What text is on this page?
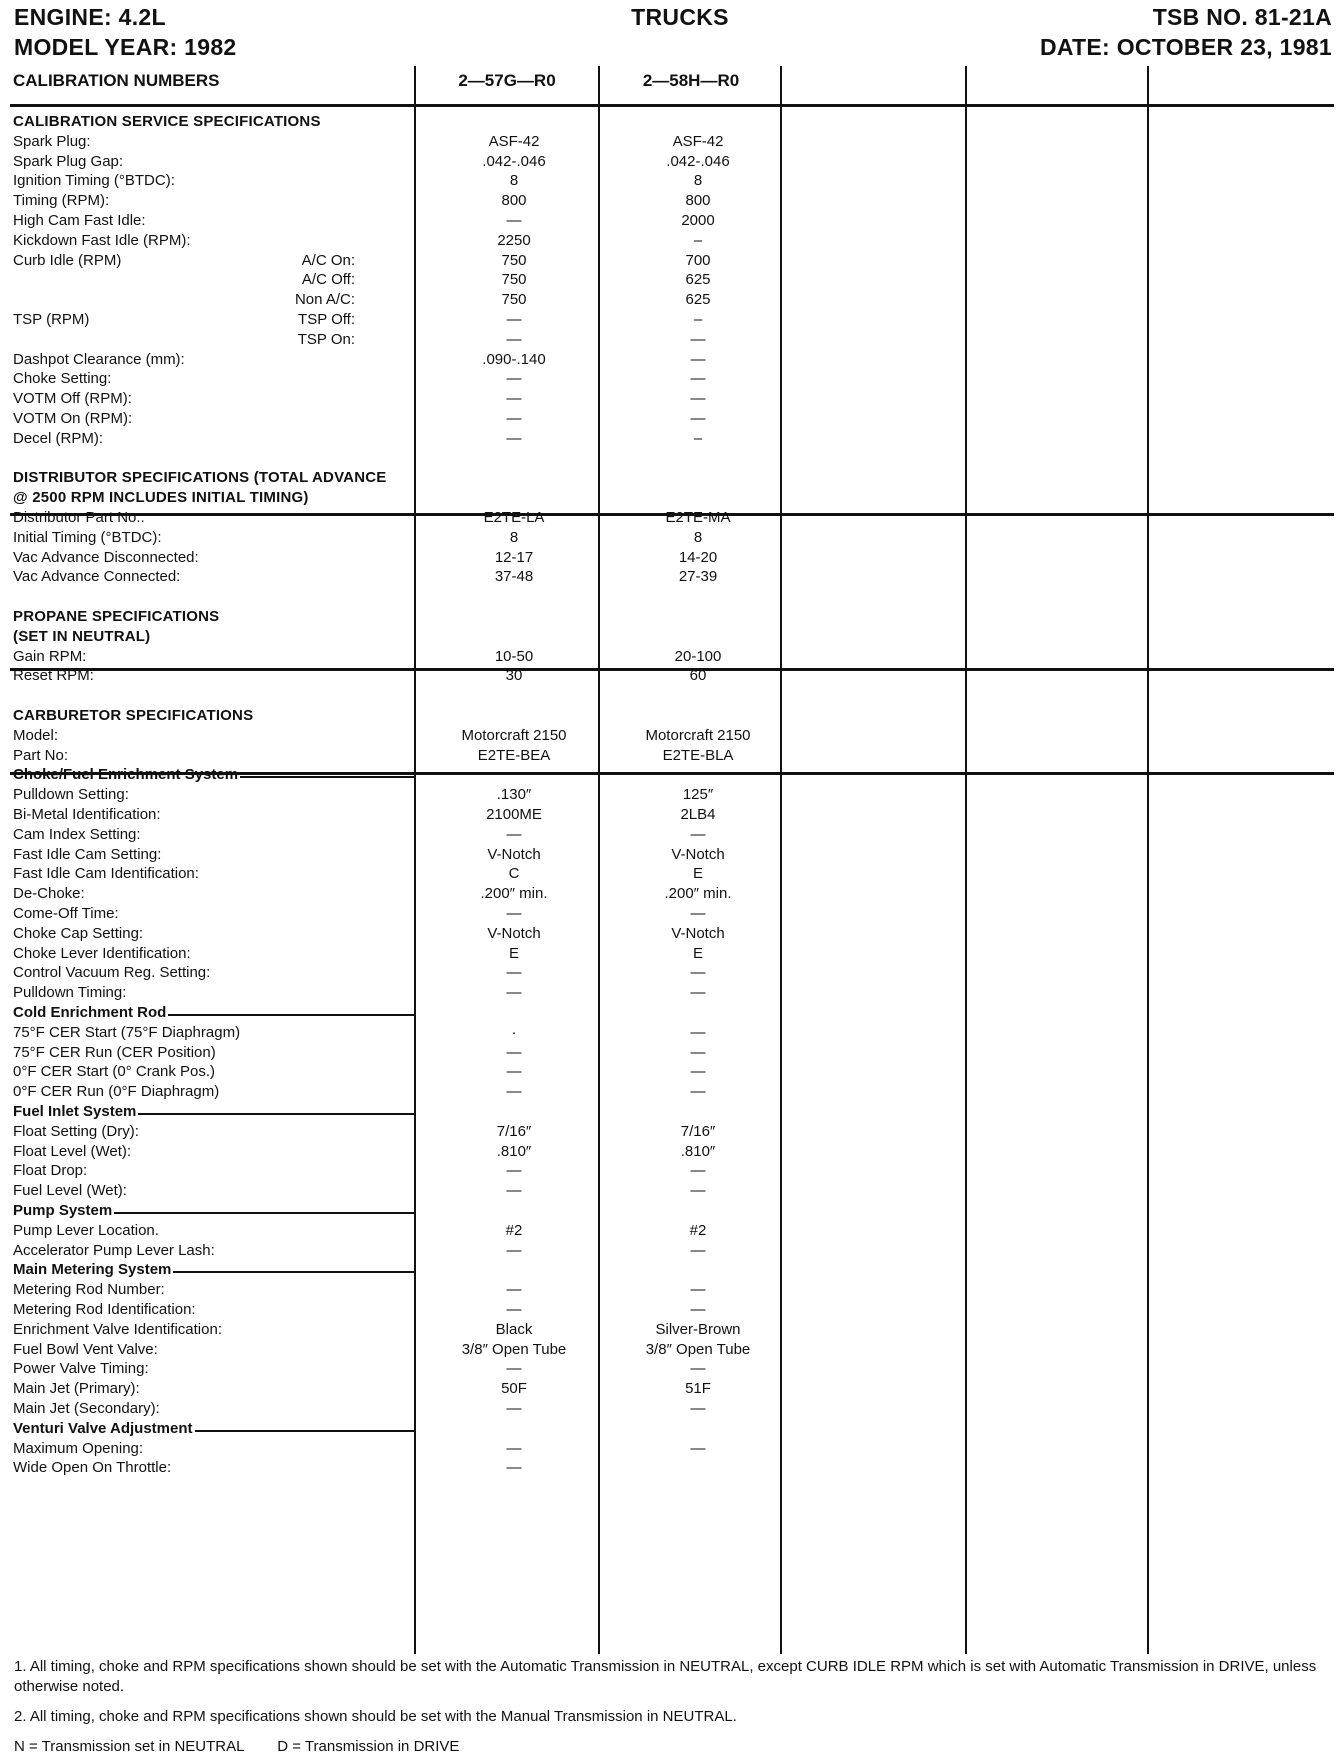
ENGINE: 4.2L
MODEL YEAR: 1982
TRUCKS	TSB NO. 81-21A
DATE: OCTOBER 23, 1981
CALIBRATION NUMBERS	2—57G—R0	2—58H—R0
CALIBRATION SERVICE SPECIFICATIONS
Spark Plug:	ASF-42	ASF-42
Spark Plug Gap:	.042-.046	.042-.046
Ignition Timing (°BTDC):	8	8
Timing (RPM):	800	800
High Cam Fast Idle:	—	2000
Kickdown Fast Idle (RPM):	2250	–
Curb Idle (RPM)	A/C On:	750	700
A/C Off:	750	625
Non A/C:	750	625
TSP (RPM)	TSP Off:	—	–
TSP On:	—	—
Dashpot Clearance (mm):	.090-.140	—
Choke Setting:	—	—
VOTM Off (RPM):	—	—
VOTM On (RPM):	—	—
Decel (RPM):	—	–
DISTRIBUTOR SPECIFICATIONS (TOTAL ADVANCE
@ 2500 RPM INCLUDES INITIAL TIMING)
Distributor Part No.:	E2TE-LA	E2TE-MA
Initial Timing (°BTDC):	8	8
Vac Advance Disconnected:	12-17	14-20
Vac Advance Connected:	37-48	27-39
PROPANE SPECIFICATIONS
(SET IN NEUTRAL)
Gain RPM:	10-50	20-100
Reset RPM:	30	60
CARBURETOR SPECIFICATIONS
Model:	Motorcraft 2150	Motorcraft 2150
Part No:	E2TE-BEA	E2TE-BLA
Choke/Fuel Enrichment System
Pulldown Setting:	.130″	125″
Bi-Metal Identification:	2100ME	2LB4
Cam Index Setting:	—	—
Fast Idle Cam Setting:	V-Notch	V-Notch
Fast Idle Cam Identification:	C	E
De-Choke:	.200″ min.	.200″ min.
Come-Off Time:	—	—
Choke Cap Setting:	V-Notch	V-Notch
Choke Lever Identification:	E	E
Control Vacuum Reg. Setting:	—	—
Pulldown Timing:	—	—
Cold Enrichment Rod
75°F CER Start (75°F Diaphragm)	·	—
75°F CER Run (CER Position)	—	—
0°F CER Start (0° Crank Pos.)	—	—
0°F CER Run (0°F Diaphragm)	—	—
Fuel Inlet System
Float Setting (Dry):	7/16″	7/16″
Float Level (Wet):	.810″	.810″
Float Drop:	—	—
Fuel Level (Wet):	—	—
Pump System
Pump Lever Location.	#2	#2
Accelerator Pump Lever Lash:	—	—
Main Metering System
Metering Rod Number:	—	—
Metering Rod Identification:	—	—
Enrichment Valve Identification:	Black	Silver-Brown
Fuel Bowl Vent Valve:	3/8″ Open Tube	3/8″ Open Tube
Power Valve Timing:	—	—
Main Jet (Primary):	50F	51F
Main Jet (Secondary):	—	—
Venturi Valve Adjustment
Maximum Opening:	—	—
Wide Open On Throttle:	—

1. All timing, choke and RPM specifications shown should be set with the Automatic Transmission in NEUTRAL, except CURB IDLE RPM which is set with Automatic Transmission in DRIVE, unless otherwise noted.

2. All timing, choke and RPM specifications shown should be set with the Manual Transmission in NEUTRAL.

N = Transmission set in NEUTRAL        D = Transmission in DRIVE
